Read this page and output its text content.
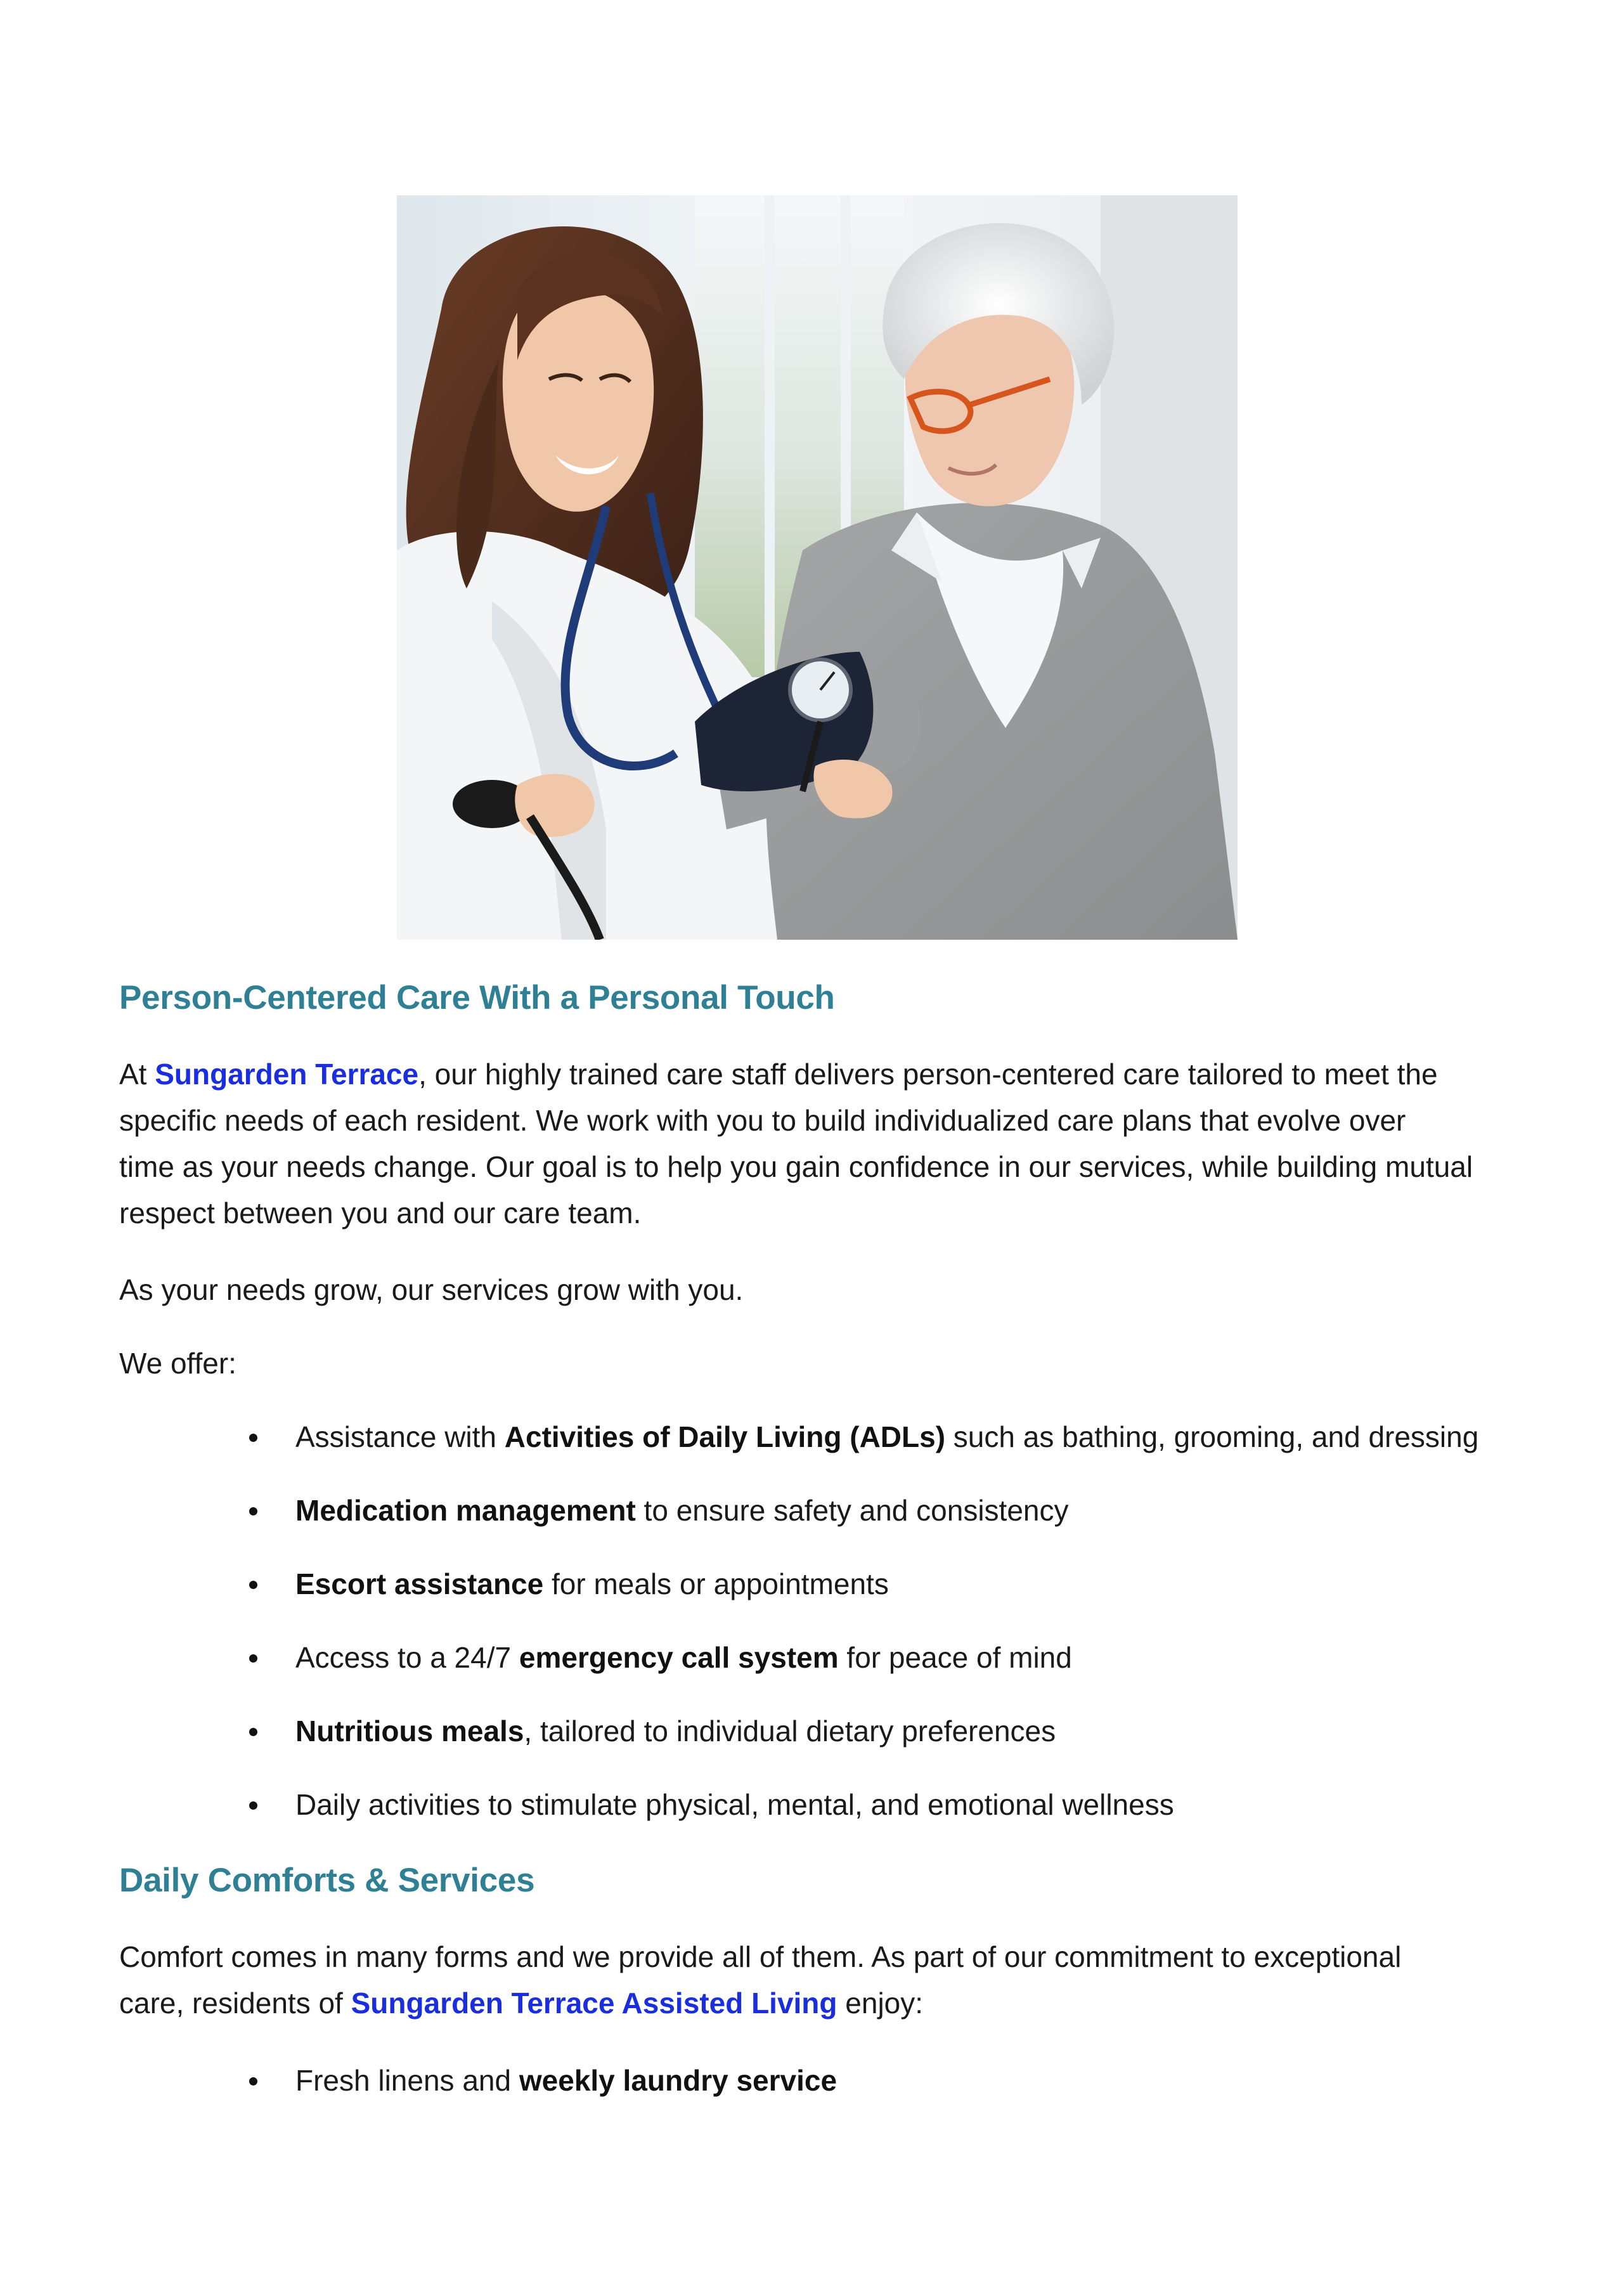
Person-Centered Care With a Personal Touch

At Sungarden Terrace, our highly trained care staff delivers person-centered care tailored to meet the
specific needs of each resident. We work with you to build individualized care plans that evolve over
time as your needs change. Our goal is to help you gain confidence in our services, while building mutual
respect between you and our care team.

As your needs grow, our services grow with you.

We offer:

Assistance with Activities of Daily Living (ADLs) such as bathing, grooming, and dressing
Medication management to ensure safety and consistency
Escort assistance for meals or appointments
Access to a 24/7 emergency call system for peace of mind
Nutritious meals, tailored to individual dietary preferences
Daily activities to stimulate physical, mental, and emotional wellness
Daily Comforts & Services

Comfort comes in many forms and we provide all of them. As part of our commitment to exceptional
care, residents of Sungarden Terrace Assisted Living enjoy:

Fresh linens and weekly laundry service
